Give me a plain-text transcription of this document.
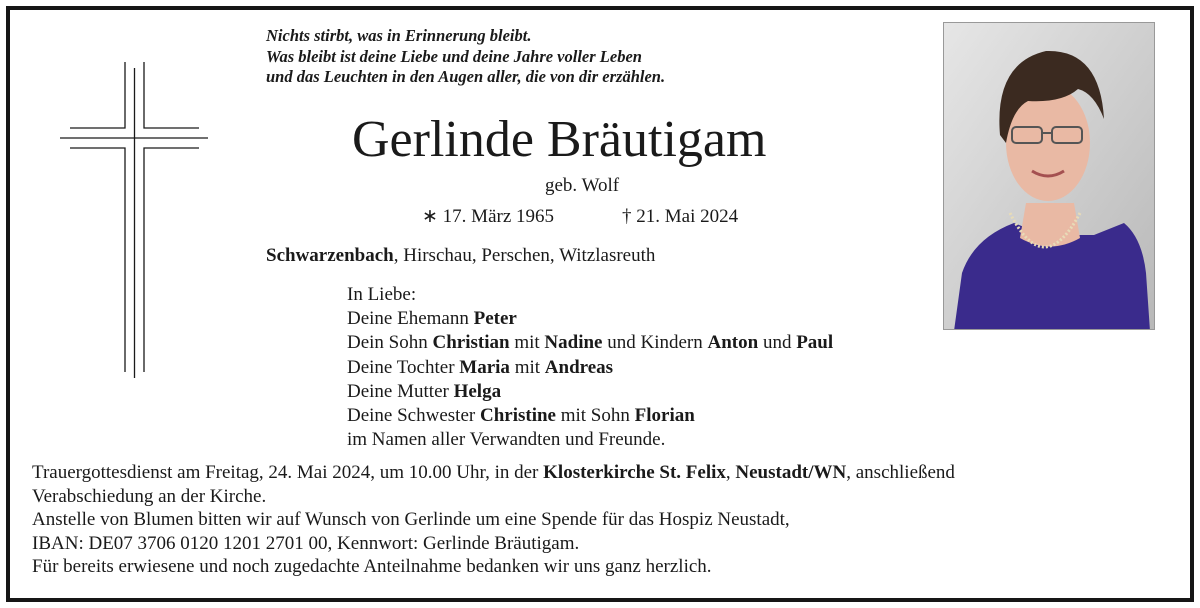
Nichts stirbt, was in Erinnerung bleibt.
Was bleibt ist deine Liebe und deine Jahre voller Leben
und das Leuchten in den Augen aller, die von dir erzählen.
Gerlinde Bräutigam
geb. Wolf
∗ 17. März 1965	† 21. Mai 2024
Schwarzenbach, Hirschau, Perschen, Witzlasreuth
In Liebe:
Deine Ehemann Peter
Dein Sohn Christian mit Nadine und Kindern Anton und Paul
Deine Tochter Maria mit Andreas
Deine Mutter Helga
Deine Schwester Christine mit Sohn Florian
im Namen aller Verwandten und Freunde.
Trauergottesdienst am Freitag, 24. Mai 2024, um 10.00 Uhr, in der Klosterkirche St. Felix, Neustadt/WN, anschließend
Verabschiedung an der Kirche.
Anstelle von Blumen bitten wir auf Wunsch von Gerlinde um eine Spende für das Hospiz Neustadt,
IBAN: DE07 3706 0120 1201 2701 00, Kennwort: Gerlinde Bräutigam.
Für bereits erwiesene und noch zugedachte Anteilnahme bedanken wir uns ganz herzlich.
